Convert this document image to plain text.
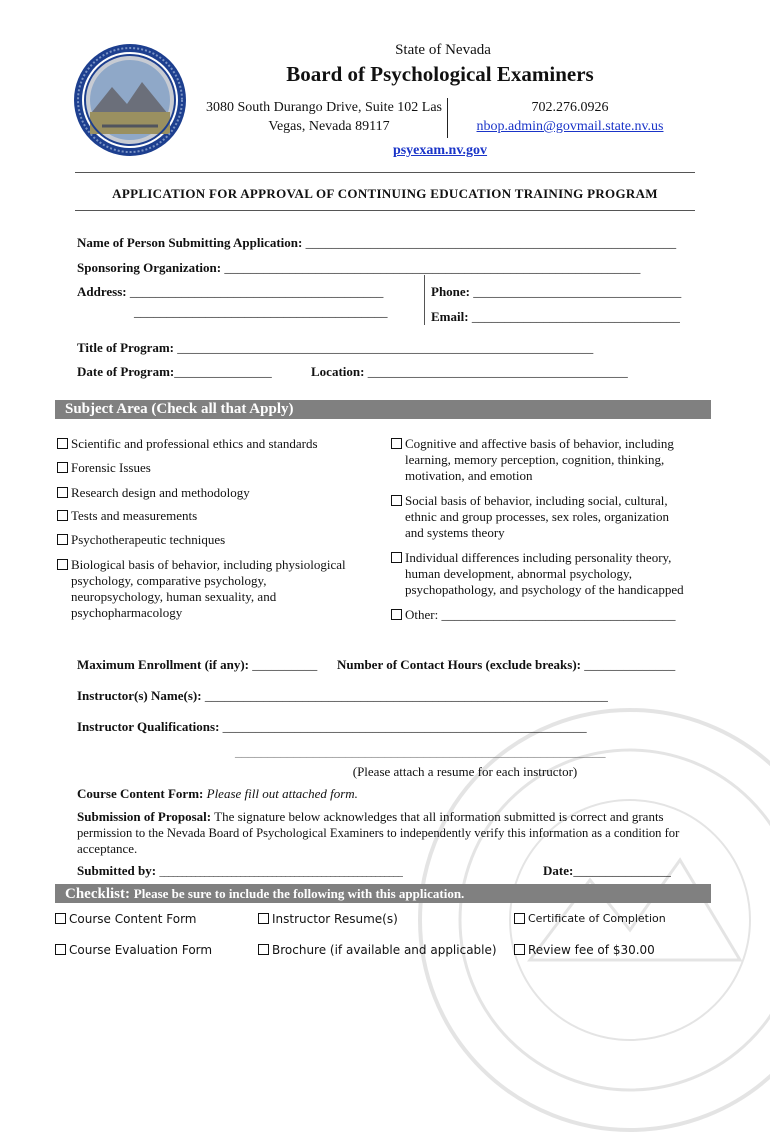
State of Nevada
Board of Psychological Examiners
3080 South Durango Drive, Suite 102 Las
Vegas, Nevada 89117
702.276.0926
nbop.admin@govmail.state.nv.us
psyexam.nv.gov
APPLICATION FOR APPROVAL OF CONTINUING EDUCATION TRAINING PROGRAM
Name of Person Submitting Application: _________________________________________________________
Sponsoring Organization: ________________________________________________________________
Address: _______________________________________
_______________________________________
Phone: ________________________________
Email: ________________________________
Title of Program: ________________________________________________________________
Date of Program:_______________	Location: ________________________________________
Subject Area (Check all that Apply)
Scientific and professional ethics and standards
Forensic Issues
Research design and methodology
Tests and measurements
Psychotherapeutic techniques
Biological basis of behavior, including physiological
psychology, comparative psychology,
neuropsychology, human sexuality, and
psychopharmacology
Cognitive and affective basis of behavior, including
learning, memory perception, cognition, thinking,
motivation, and emotion
Social basis of behavior, including social, cultural,
ethnic and group processes, sex roles, organization
and systems theory
Individual differences including personality theory,
human development, abnormal psychology,
psychopathology, and psychology of the handicapped
Other: ____________________________________
Maximum Enrollment (if any): __________ Number of Contact Hours (exclude breaks): ______________
Instructor(s) Name(s): ______________________________________________________________
Instructor Qualifications: ________________________________________________________
_________________________________________________________
(Please attach a resume for each instructor)
Course Content Form: Please fill out attached form.
Submission of Proposal: The signature below acknowledges that all information submitted is correct and grants
permission to the Nevada Board of Psychological Examiners to independently verify this information as a condition for
acceptance.
Submitted by: ______________________________________________________	Date:_______________
Checklist: Please be sure to include the following with this application.
Course Content Form	Instructor Resume(s)	Certificate of Completion
Course Evaluation Form	Brochure (if available and applicable)	Review fee of $30.00
